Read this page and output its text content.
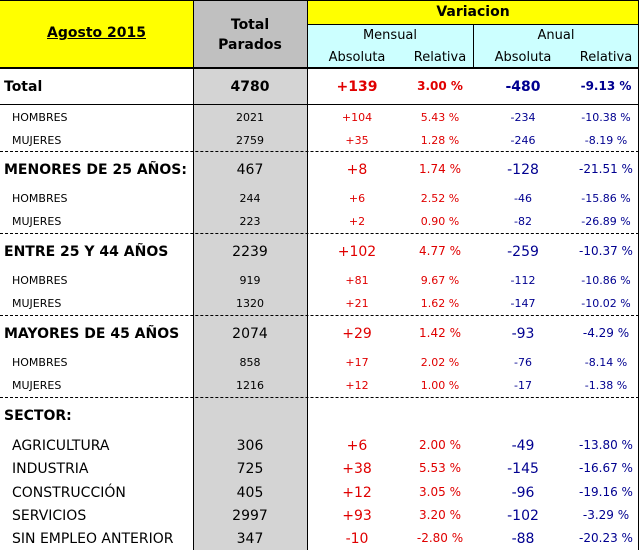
Agosto 2015	Total
Parados
Variacion
Mensual	Anual
Absoluta	Relativa	Absoluta	Relativa
Total	4780	+139	3.00 %	-480	-9.13 %
HOMBRES	2021	+104	5.43 %	-234	-10.38 %
MUJERES	2759	+35	1.28 %	-246	-8.19 %
MENORES DE 25 AÑOS:	467	+8	1.74 %	-128	-21.51 %
HOMBRES	244	+6	2.52 %	-46	-15.86 %
MUJERES	223	+2	0.90 %	-82	-26.89 %
ENTRE 25 Y 44 AÑOS	2239	+102	4.77 %	-259	-10.37 %
HOMBRES	919	+81	9.67 %	-112	-10.86 %
MUJERES	1320	+21	1.62 %	-147	-10.02 %
MAYORES DE 45 AÑOS	2074	+29	1.42 %	-93	-4.29 %
HOMBRES	858	+17	2.02 %	-76	-8.14 %
MUJERES	1216	+12	1.00 %	-17	-1.38 %
SECTOR:
AGRICULTURA	306	+6	2.00 %	-49	-13.80 %
INDUSTRIA	725	+38	5.53 %	-145	-16.67 %
CONSTRUCCIÓN	405	+12	3.05 %	-96	-19.16 %
SERVICIOS	2997	+93	3.20 %	-102	-3.29 %
SIN EMPLEO ANTERIOR	347	-10	-2.80 %	-88	-20.23 %
